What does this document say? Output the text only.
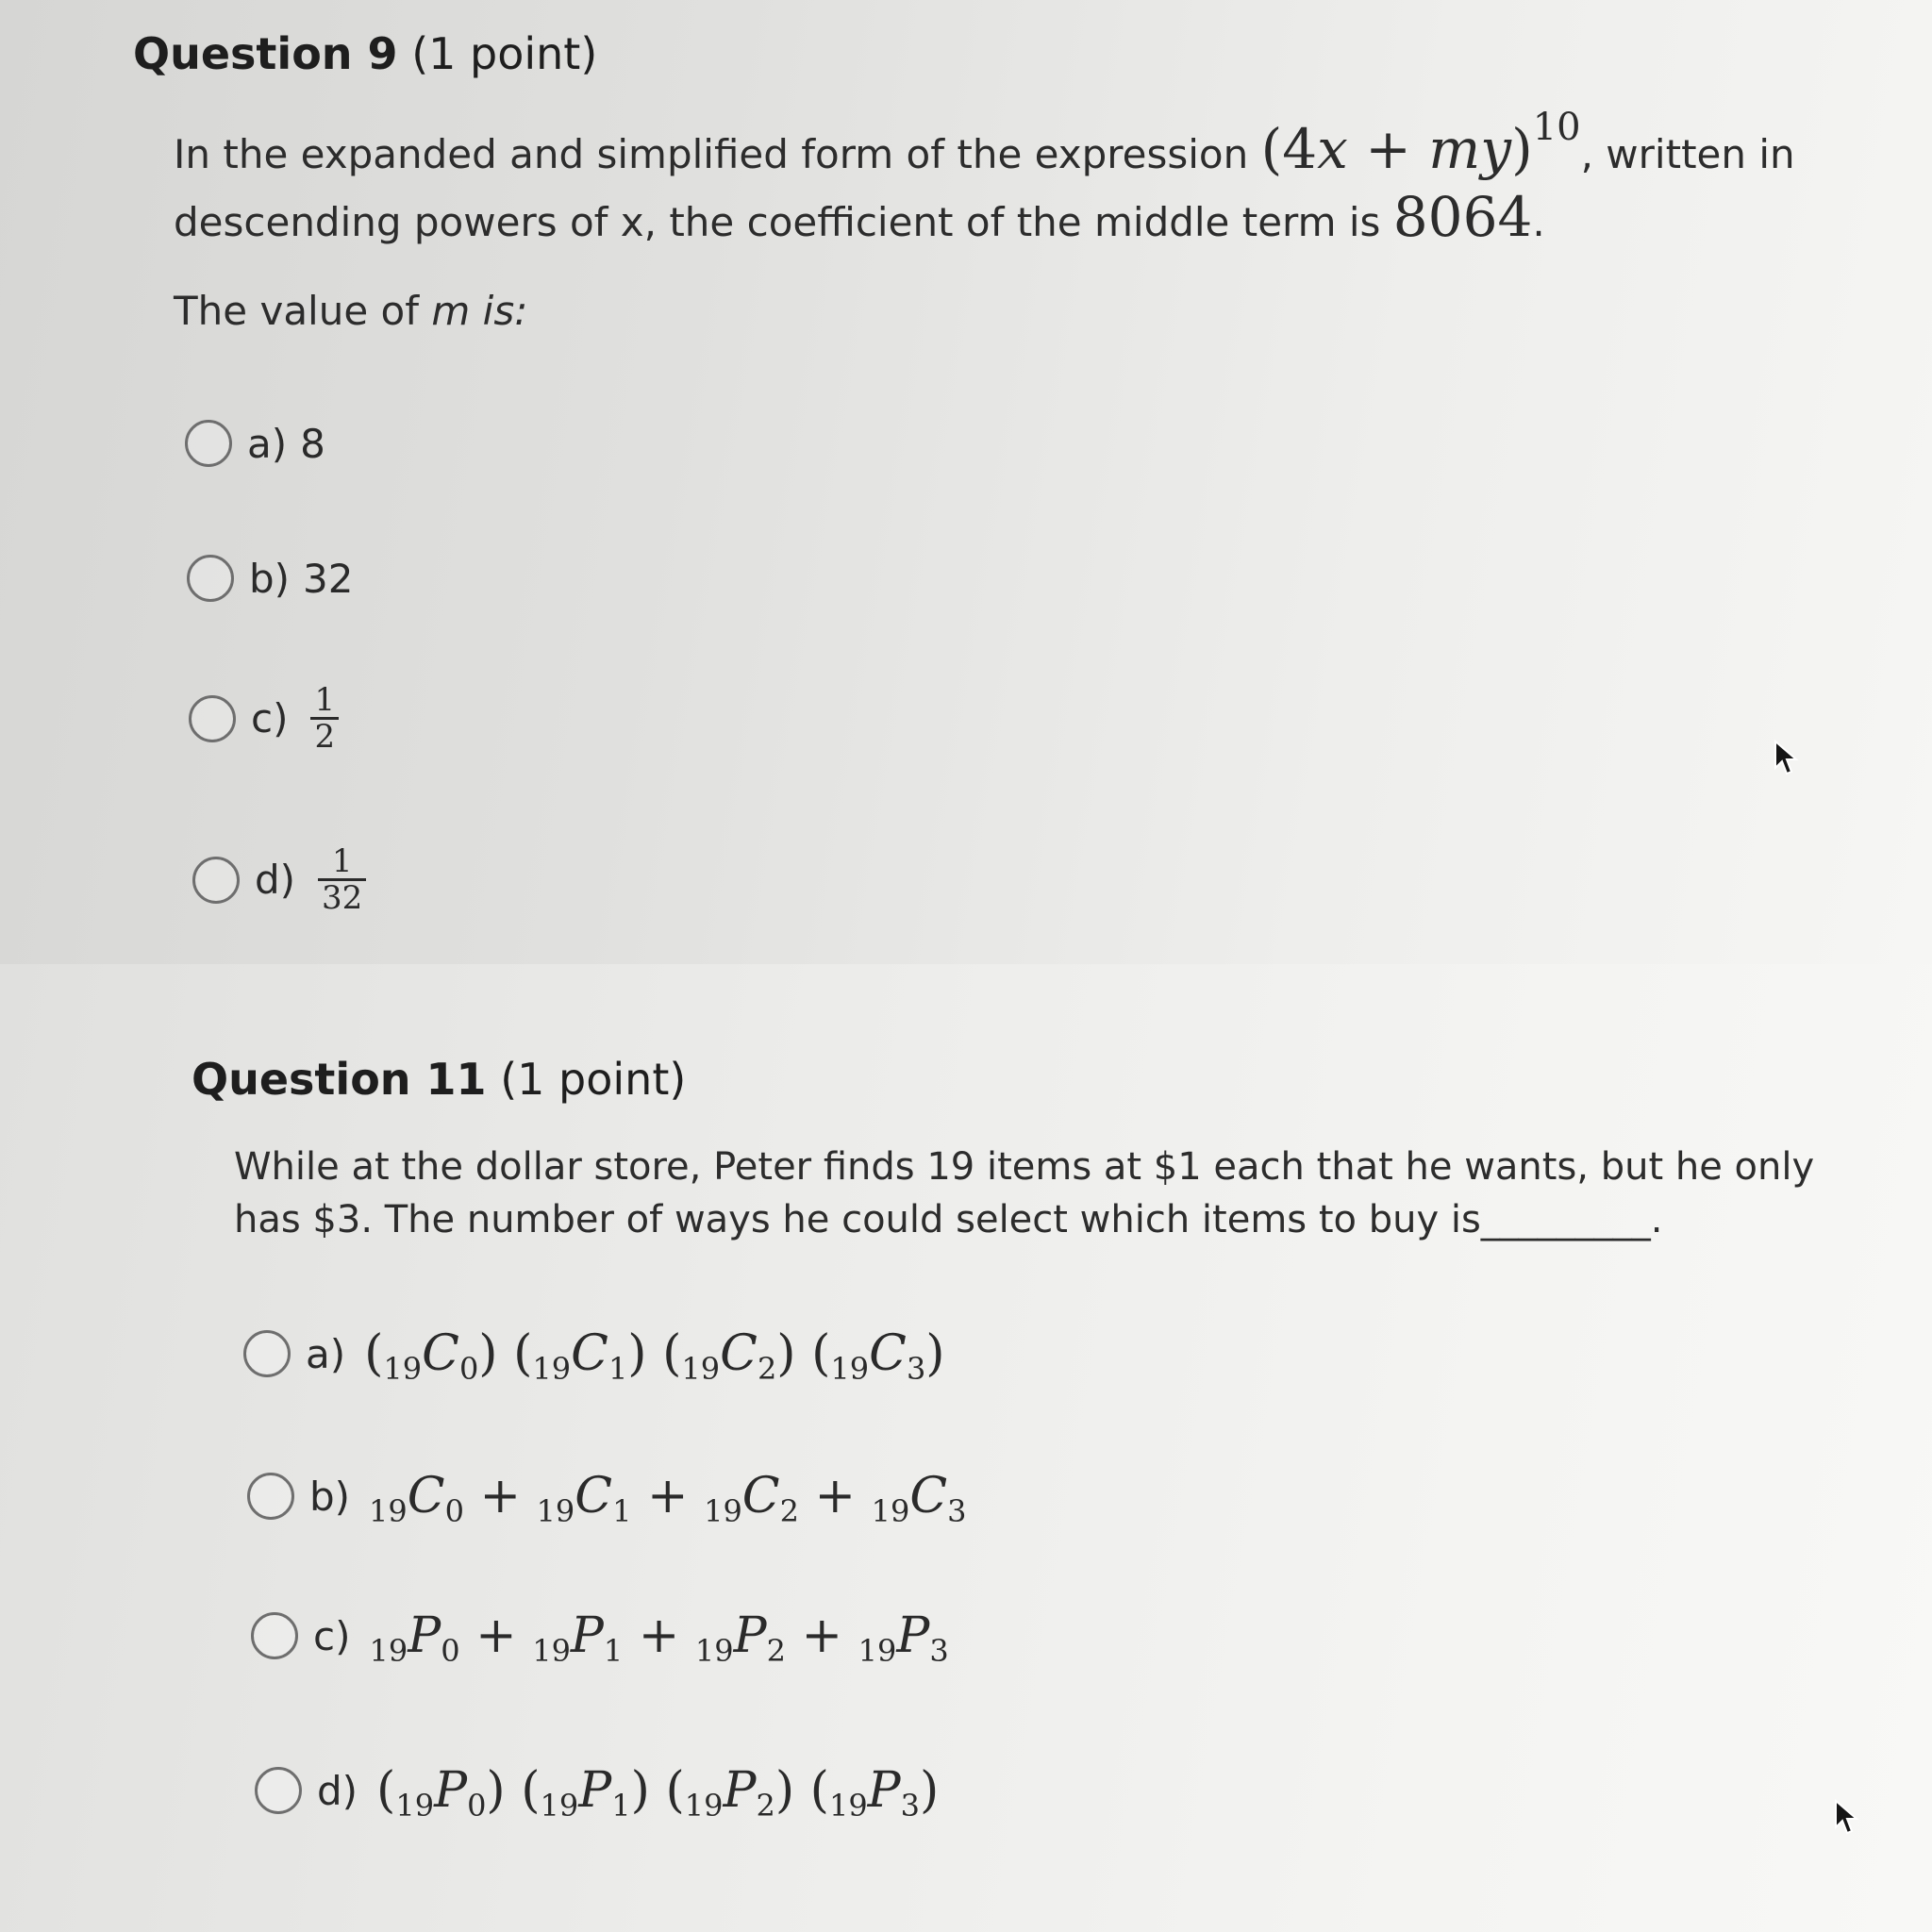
Question 9 (1 point)
In the expanded and simplified form of the expression (4x + my)10, written in
descending powers of x, the coefficient of the middle term is 8064.
The value of m is:
a) 8
b) 32
$c) \frac{1}{2}$
$d) \frac{1}{32}$
Question 11 (1 point)
While at the dollar store, Peter finds 19 items at $1 each that he wants, but he only
has $3. The number of ways he could select which items to buy is_________.
a) (19C0) (19C1) (19C2) (19C3)
b) 19C0 + 19C1 + 19C2 + 19C3
c) 19P0 + 19P1 + 19P2 + 19P3
d) (19P0) (19P1) (19P2) (19P3)
